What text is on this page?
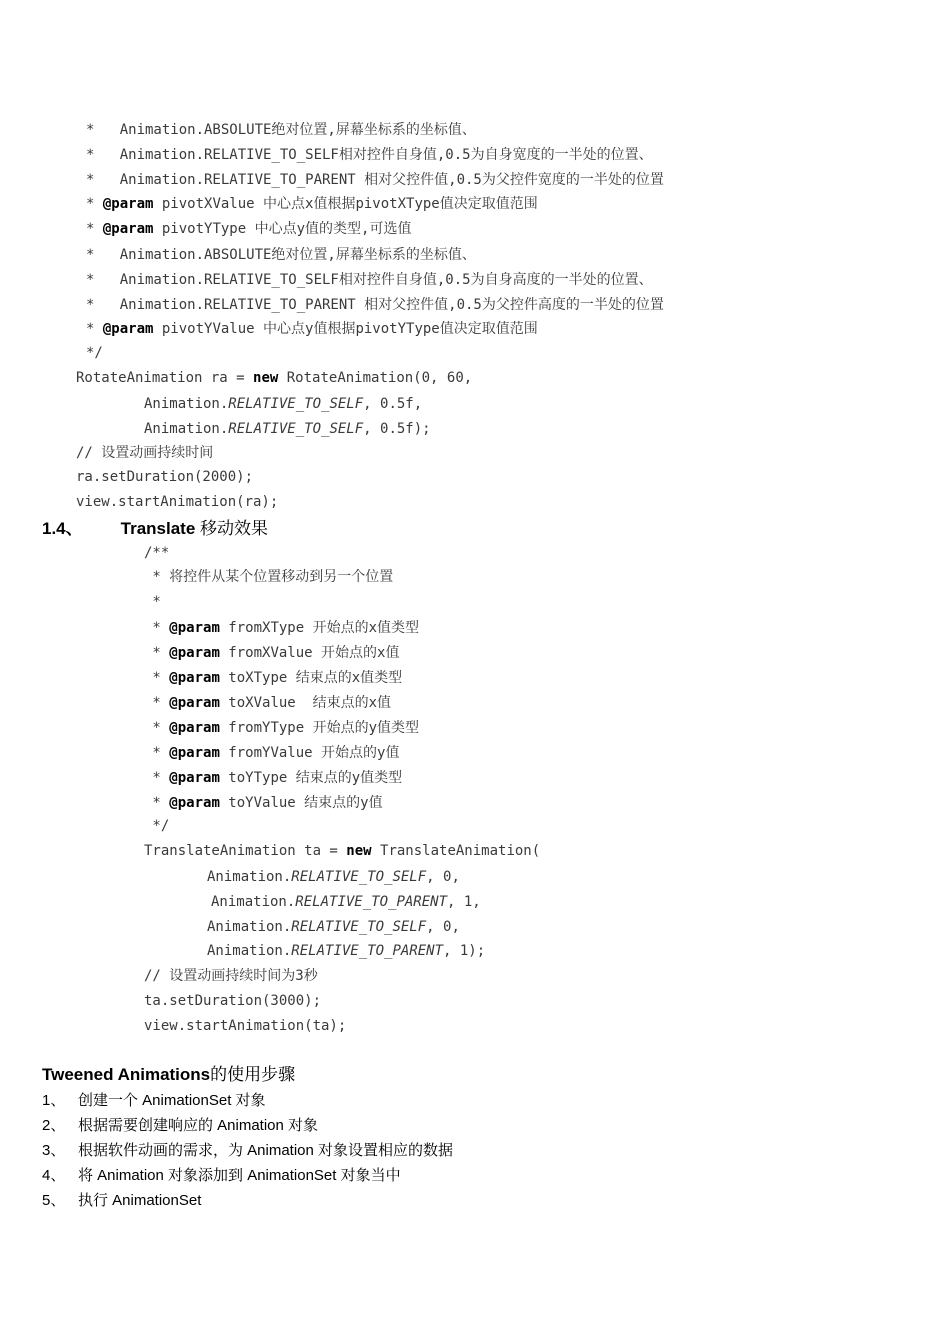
*   Animation.ABSOLUTE绝对位置,屏幕坐标系的坐标值、
*   Animation.RELATIVE_TO_SELF相对控件自身值,0.5为自身宽度的一半处的位置、
*   Animation.RELATIVE_TO_PARENT 相对父控件值,0.5为父控件宽度的一半处的位置
* @param pivotXValue 中心点x值根据pivotXType值决定取值范围
* @param pivotYType 中心点y值的类型,可选值
*   Animation.ABSOLUTE绝对位置,屏幕坐标系的坐标值、
*   Animation.RELATIVE_TO_SELF相对控件自身值,0.5为自身高度的一半处的位置、
*   Animation.RELATIVE_TO_PARENT 相对父控件值,0.5为父控件高度的一半处的位置
* @param pivotYValue 中心点y值根据pivotYType值决定取值范围
*/
RotateAnimation ra = new RotateAnimation(0, 60,
Animation.RELATIVE_TO_SELF, 0.5f,
Animation.RELATIVE_TO_SELF, 0.5f);
// 设置动画持续时间
ra.setDuration(2000);
view.startAnimation(ra);
1.4、 Translate 移动效果
/**
* 将控件从某个位置移动到另一个位置
*
* @param fromXType 开始点的x值类型
* @param fromXValue 开始点的x值
* @param toXType 结束点的x值类型
* @param toXValue  结束点的x值
* @param fromYType 开始点的y值类型
* @param fromYValue 开始点的y值
* @param toYType 结束点的y值类型
* @param toYValue 结束点的y值
*/
TranslateAnimation ta = new TranslateAnimation(
Animation.RELATIVE_TO_SELF, 0,
Animation.RELATIVE_TO_PARENT, 1,
Animation.RELATIVE_TO_SELF, 0,
Animation.RELATIVE_TO_PARENT, 1);
// 设置动画持续时间为3秒
ta.setDuration(3000);
view.startAnimation(ta);
Tweened Animations的使用步骤
1、 创建一个 AnimationSet 对象
2、 根据需要创建响应的 Animation 对象
3、 根据软件动画的需求，为 Animation 对象设置相应的数据
4、 将 Animation 对象添加到 AnimationSet 对象当中
5、 执行 AnimationSet
